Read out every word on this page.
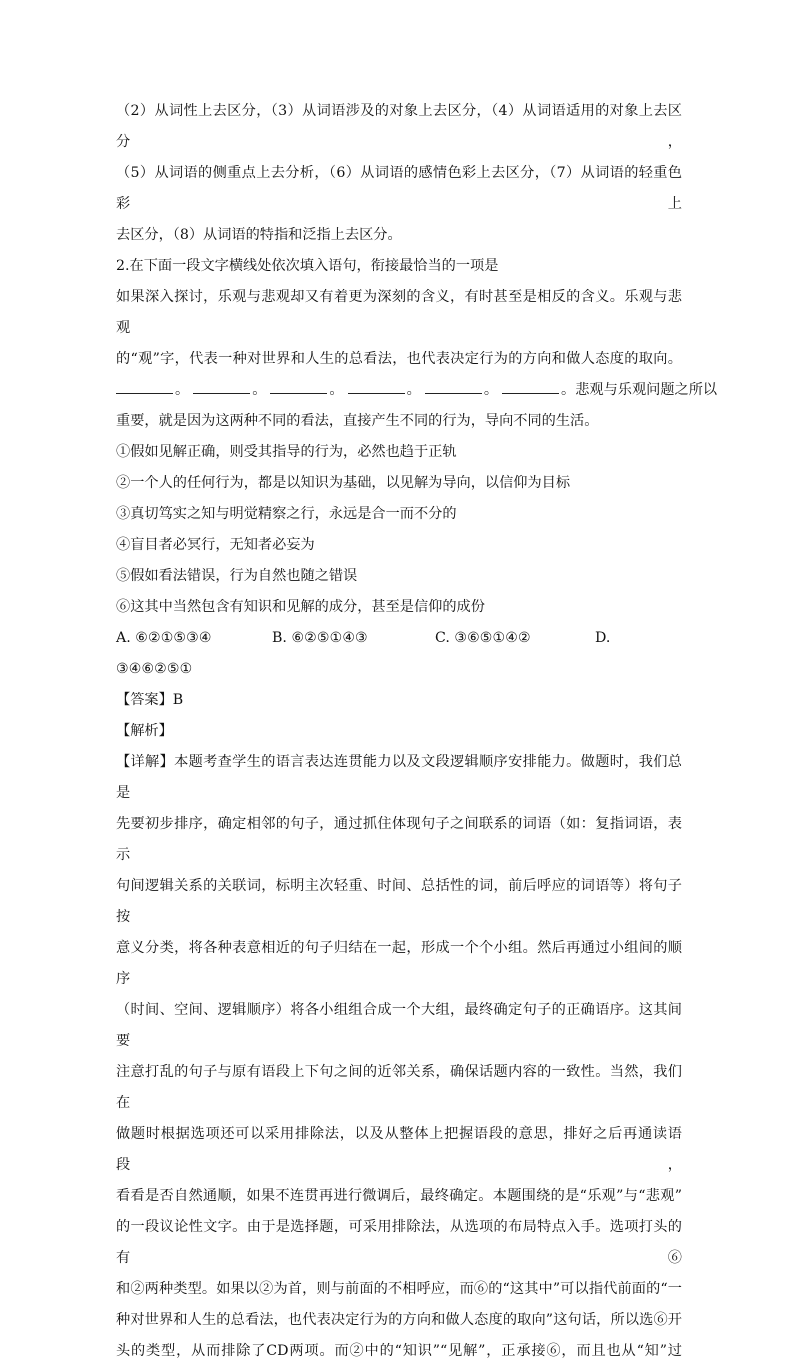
（2）从词性上去区分，（3）从词语涉及的对象上去区分，（4）从词语适用的对象上去区分，

（5）从词语的侧重点上去分析，（6）从词语的感情色彩上去区分，（7）从词语的轻重色彩上

去区分，（8）从词语的特指和泛指上去区分。

2.在下面一段文字横线处依次填入语句，衔接最恰当的一项是

如果深入探讨，乐观与悲观却又有着更为深刻的含义，有时甚至是相反的含义。乐观与悲观

的“观”字，代表一种对世界和人生的总看法，也代表决定行为的方向和做人态度的取向。

。	。	。	。	。	。悲观与乐观问题之所以

重要，就是因为这两种不同的看法，直接产生不同的行为，导向不同的生活。

①假如见解正确，则受其指导的行为，必然也趋于正轨

②一个人的任何行为，都是以知识为基础，以见解为导向，以信仰为目标

③真切笃实之知与明觉精察之行，永远是合一而不分的

④盲目者必冥行，无知者必妄为

⑤假如看法错误，行为自然也随之错误

⑥这其中当然包含有知识和见解的成分，甚至是信仰的成份

A. ⑥②①⑤③④	B. ⑥②⑤①④③	C. ③⑥⑤①④②	D.

③④⑥②⑤①

【答案】B

【解析】

【详解】本题考查学生的语言表达连贯能力以及文段逻辑顺序安排能力。做题时，我们总是

先要初步排序，确定相邻的句子，通过抓住体现句子之间联系的词语（如：复指词语，表示

句间逻辑关系的关联词，标明主次轻重、时间、总括性的词，前后呼应的词语等）将句子按

意义分类，将各种表意相近的句子归结在一起，形成一个个小组。然后再通过小组间的顺序

（时间、空间、逻辑顺序）将各小组组合成一个大组，最终确定句子的正确语序。这其间要

注意打乱的句子与原有语段上下句之间的近邻关系，确保话题内容的一致性。当然，我们在

做题时根据选项还可以采用排除法，以及从整体上把握语段的意思，排好之后再通读语段，

看看是否自然通顺，如果不连贯再进行微调后，最终确定。本题围绕的是“乐观”与“悲观”

的一段议论性文字。由于是选择题，可采用排除法，从选项的布局特点入手。选项打头的有⑥

和②两种类型。如果以②为首，则与前面的不相呼应，而⑥的“这其中”可以指代前面的“一

种对世界和人生的总看法，也代表决定行为的方向和做人态度的取向”这句话，所以选⑥开

头的类型，从而排除了CD两项。而②中的“知识”“见解”，正承接⑥，而且也从“知”过
